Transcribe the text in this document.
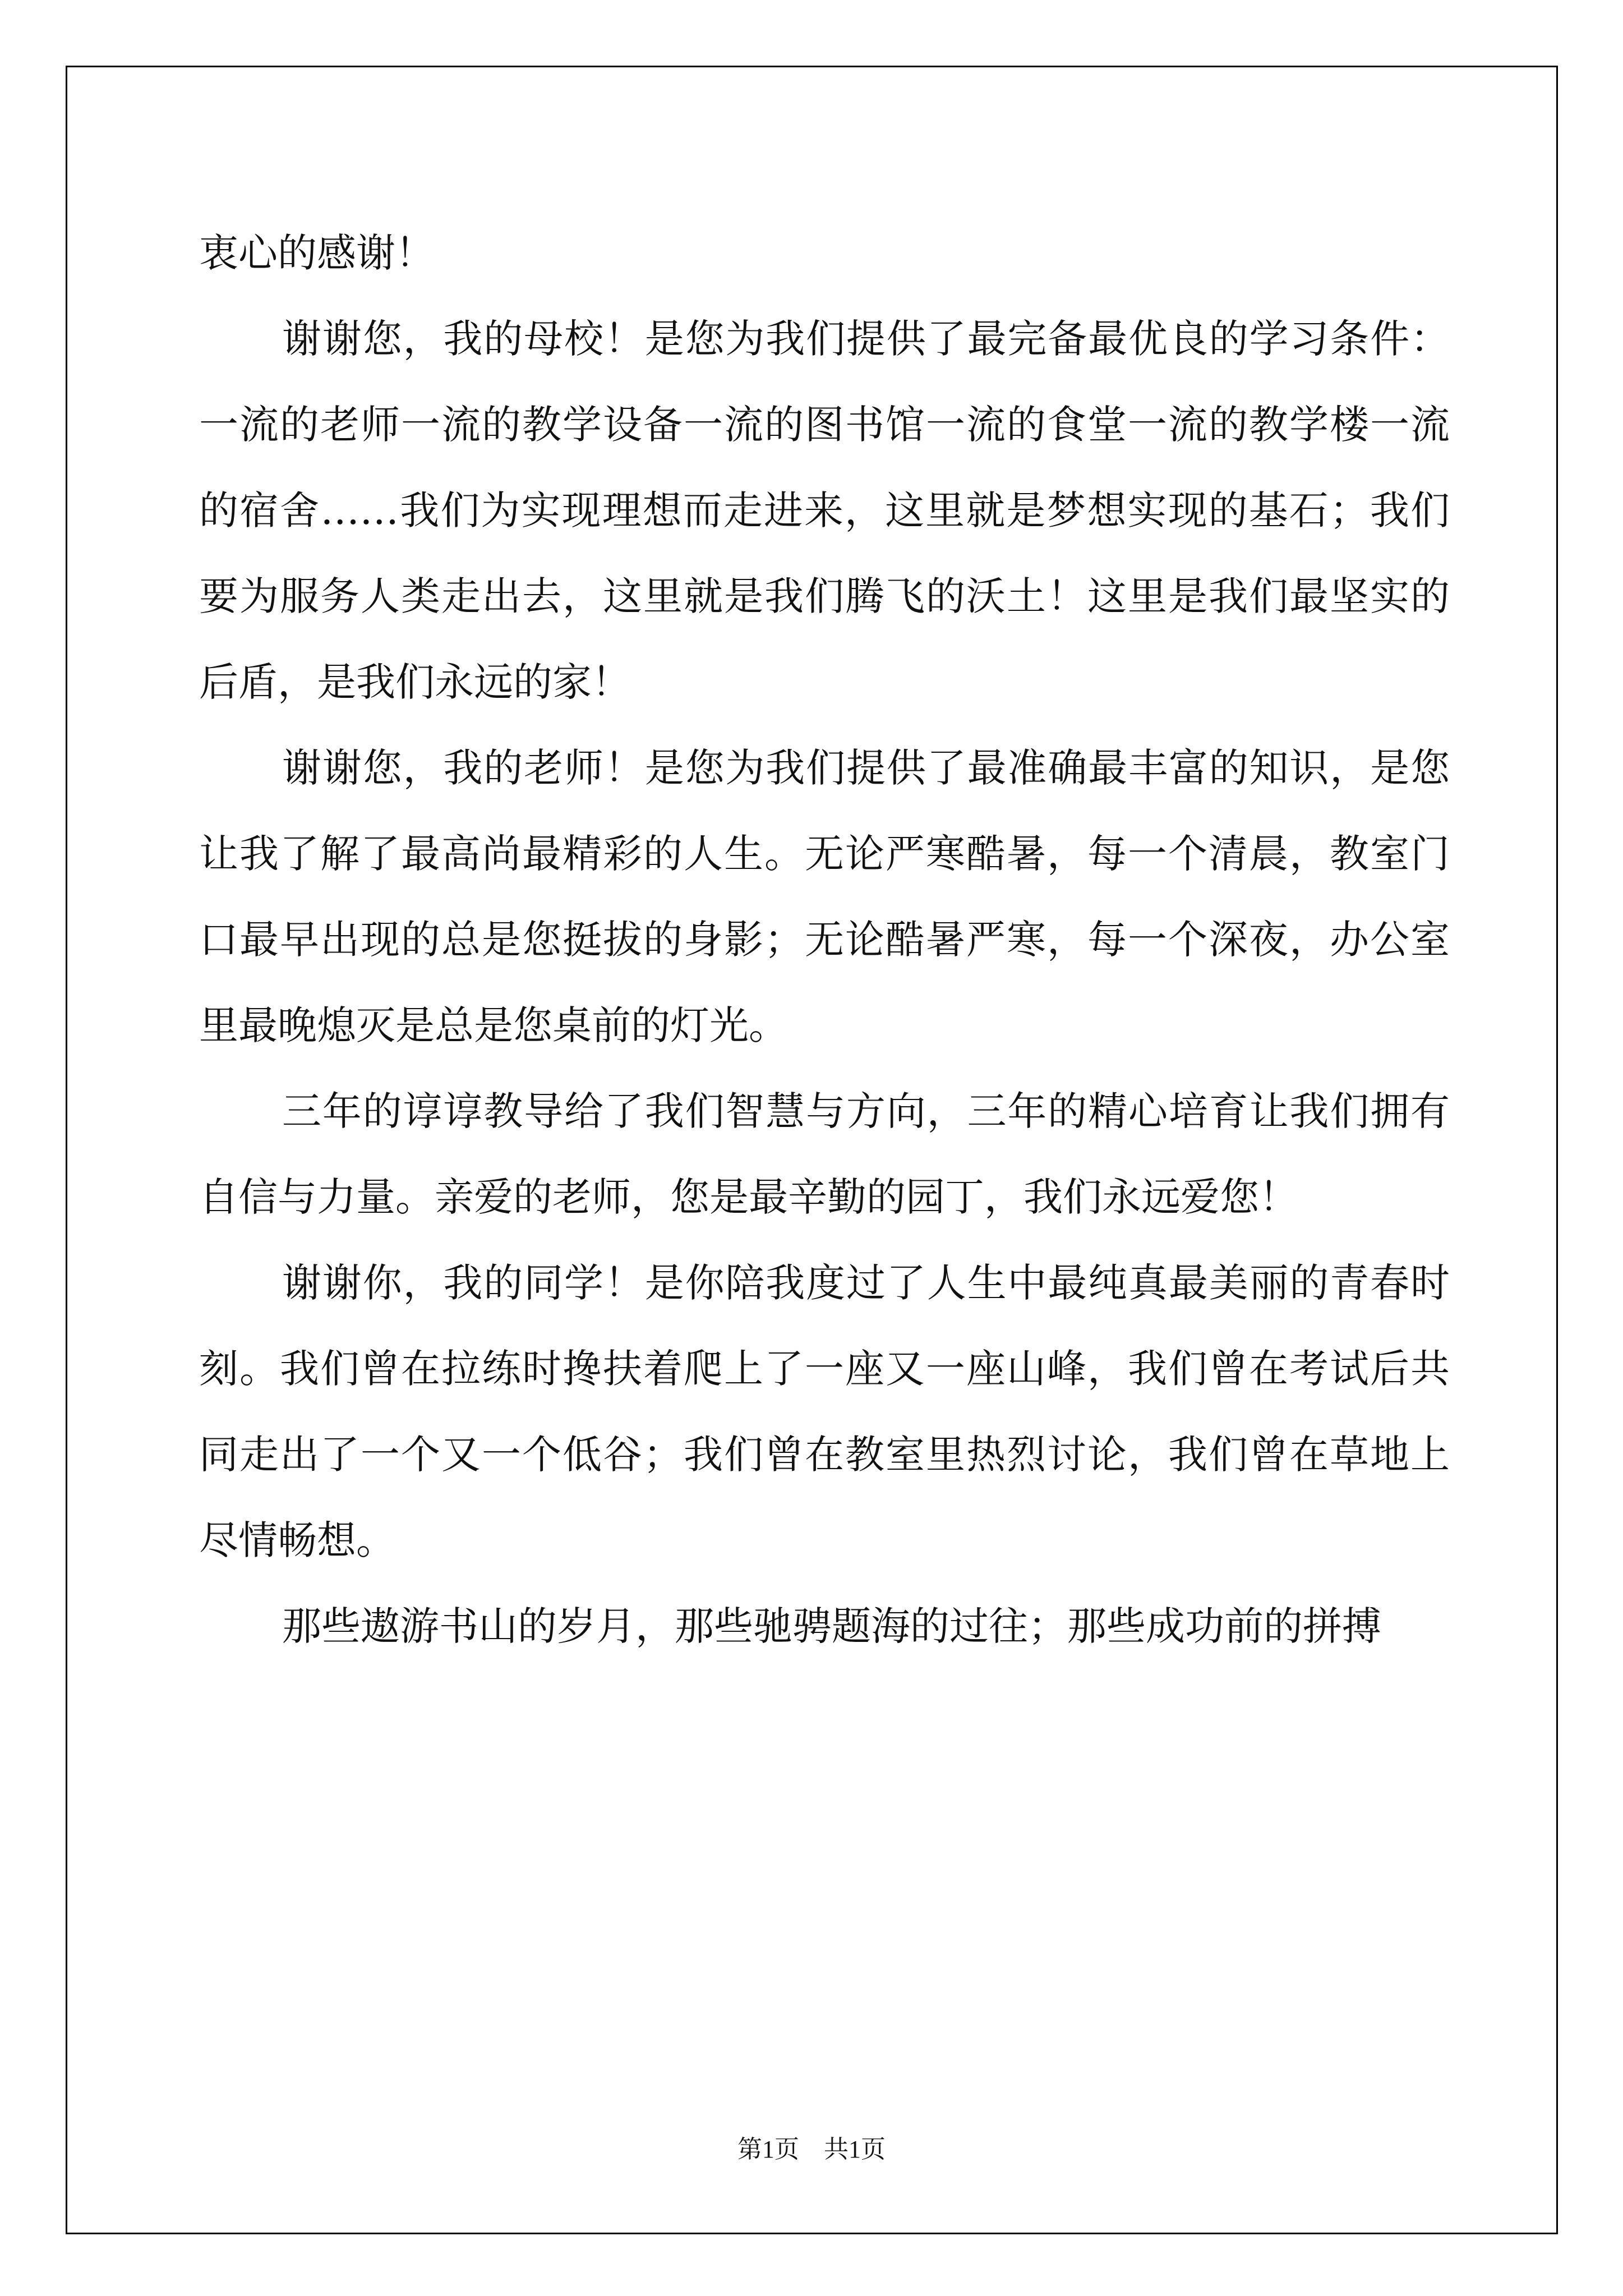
衷心的感谢！

谢谢您，我的母校！是您为我们提供了最完备最优良的学习条件：一流的老师一流的教学设备一流的图书馆一流的食堂一流的教学楼一流的宿舍……我们为实现理想而走进来，这里就是梦想实现的基石；我们要为服务人类走出去，这里就是我们腾飞的沃土！这里是我们最坚实的后盾，是我们永远的家！

谢谢您，我的老师！是您为我们提供了最准确最丰富的知识，是您让我了解了最高尚最精彩的人生。无论严寒酷暑，每一个清晨，教室门口最早出现的总是您挺拔的身影；无论酷暑严寒，每一个深夜，办公室里最晚熄灭是总是您桌前的灯光。

三年的谆谆教导给了我们智慧与方向，三年的精心培育让我们拥有自信与力量。亲爱的老师，您是最辛勤的园丁，我们永远爱您！

谢谢你，我的同学！是你陪我度过了人生中最纯真最美丽的青春时刻。我们曾在拉练时搀扶着爬上了一座又一座山峰，我们曾在考试后共同走出了一个又一个低谷；我们曾在教室里热烈讨论，我们曾在草地上尽情畅想。

那些遨游书山的岁月，那些驰骋题海的过往；那些成功前的拼搏

第1页　共1页
